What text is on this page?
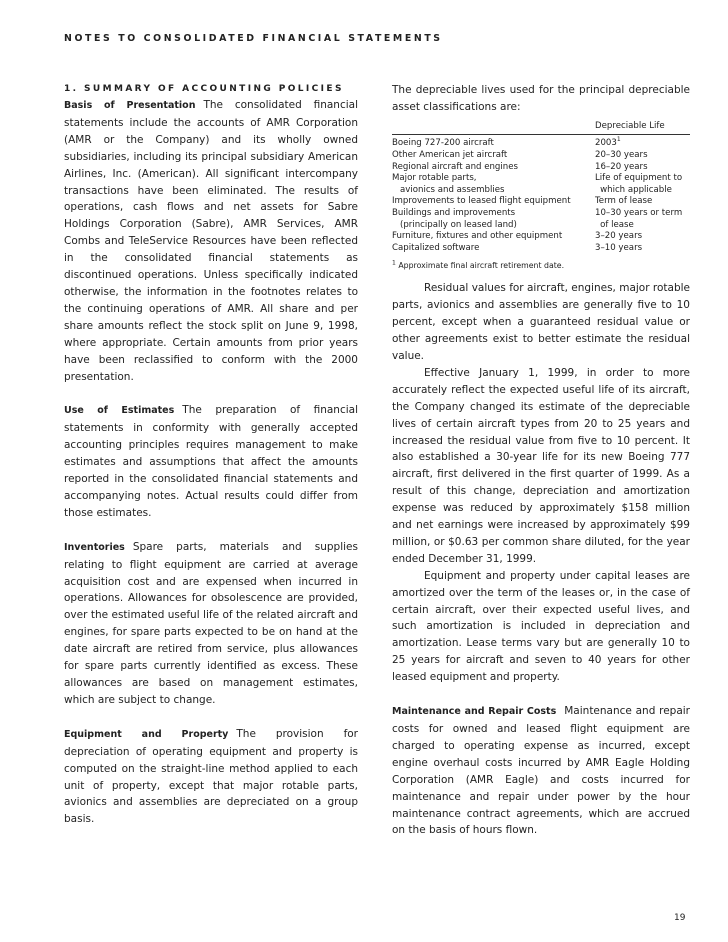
NOTES TO CONSOLIDATED FINANCIAL STATEMENTS
1. SUMMARY OF ACCOUNTING POLICIES

Basis of Presentation The consolidated financial statements include the accounts of AMR Corporation (AMR or the Company) and its wholly owned subsidiaries, including its principal subsidiary American Airlines, Inc. (American). All significant intercompany transactions have been eliminated. The results of operations, cash flows and net assets for Sabre Holdings Corporation (Sabre), AMR Services, AMR Combs and TeleService Resources have been reflected in the consolidated financial statements as discontinued operations. Unless specifically indicated otherwise, the information in the footnotes relates to the continuing operations of AMR. All share and per share amounts reflect the stock split on June 9, 1998, where appropriate. Certain amounts from prior years have been reclassified to conform with the 2000 presentation.

Use of Estimates The preparation of financial statements in conformity with generally accepted accounting principles requires management to make estimates and assumptions that affect the amounts reported in the consolidated financial statements and accompanying notes. Actual results could differ from those estimates.

Inventories Spare parts, materials and supplies relating to flight equipment are carried at average acquisition cost and are expensed when incurred in operations. Allowances for obsolescence are provided, over the estimated useful life of the related aircraft and engines, for spare parts expected to be on hand at the date aircraft are retired from service, plus allowances for spare parts currently identified as excess. These allowances are based on management estimates, which are subject to change.

Equipment and Property The provision for depreciation of operating equipment and property is computed on the straight-line method applied to each unit of property, except that major rotable parts, avionics and assemblies are depreciated on a group basis.

The depreciable lives used for the principal depreciable asset classifications are:

Depreciable Life
Boeing 727-200 aircraft	2003$^1$
Other American jet aircraft	20–30 years
Regional aircraft and engines	16–20 years
Major rotable parts,	Life of equipment to
avionics and assemblies	which applicable
Improvements to leased flight equipment	Term of lease
Buildings and improvements	10–30 years or term
(principally on leased land)	of lease
Furniture, fixtures and other equipment	3–20 years
Capitalized software	3–10 years
$^1$ Approximate final aircraft retirement date.

Residual values for aircraft, engines, major rotable parts, avionics and assemblies are generally five to 10 percent, except when a guaranteed residual value or other agreements exist to better estimate the residual value.

Effective January 1, 1999, in order to more accurately reflect the expected useful life of its aircraft, the Company changed its estimate of the depreciable lives of certain aircraft types from 20 to 25 years and increased the residual value from five to 10 percent. It also established a 30-year life for its new Boeing 777 aircraft, first delivered in the first quarter of 1999. As a result of this change, depreciation and amortization expense was reduced by approximately $158 million and net earnings were increased by approximately $99 million, or $0.63 per common share diluted, for the year ended December 31, 1999.

Equipment and property under capital leases are amortized over the term of the leases or, in the case of certain aircraft, over their expected useful lives, and such amortization is included in depreciation and amortization. Lease terms vary but are generally 10 to 25 years for aircraft and seven to 40 years for other leased equipment and property.

Maintenance and Repair Costs Maintenance and repair costs for owned and leased flight equipment are charged to operating expense as incurred, except engine overhaul costs incurred by AMR Eagle Holding Corporation (AMR Eagle) and costs incurred for maintenance and repair under power by the hour maintenance contract agreements, which are accrued on the basis of hours flown.

19
